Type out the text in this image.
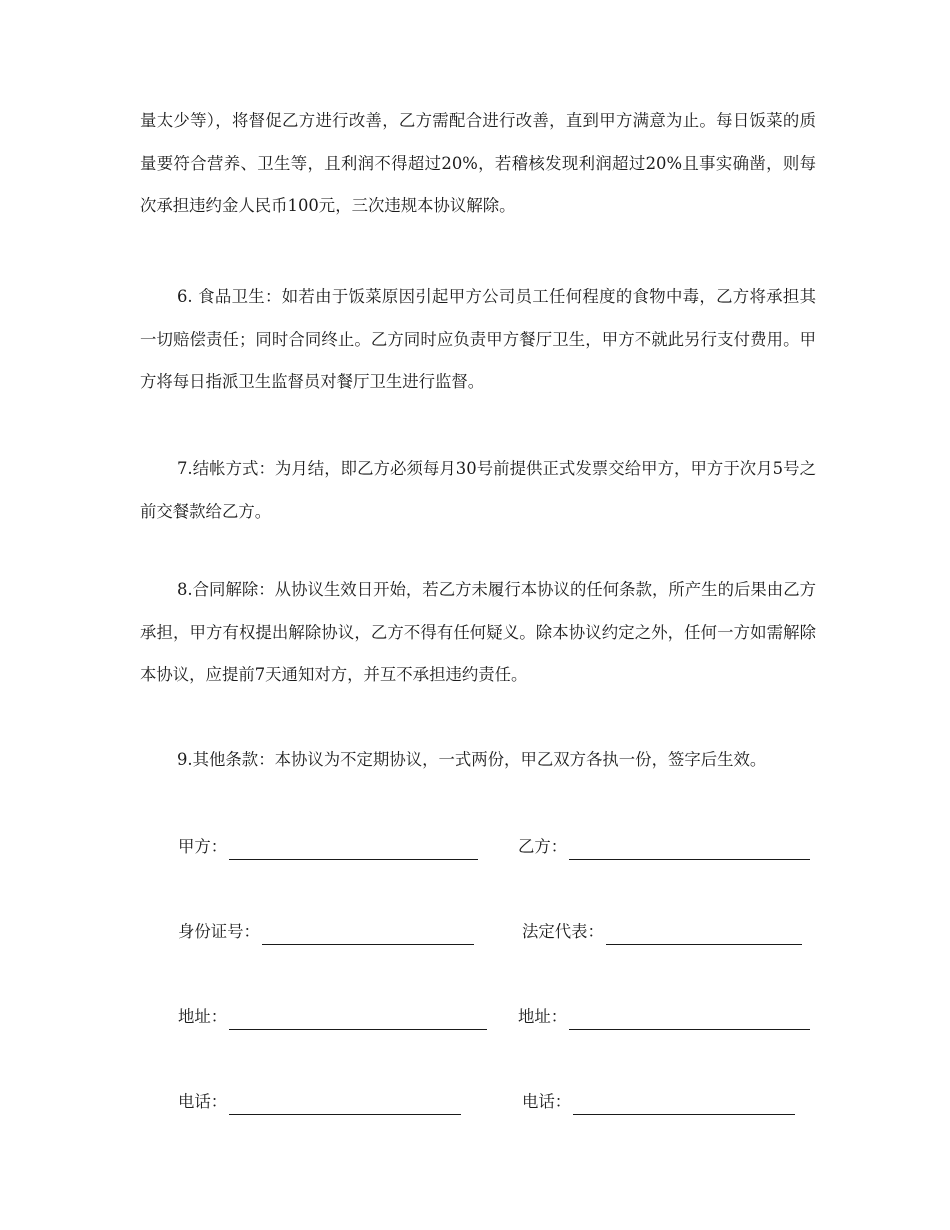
量太少等），将督促乙方进行改善，乙方需配合进行改善，直到甲方满意为止。每日饭菜的质量要符合营养、卫生等，且利润不得超过20%，若稽核发现利润超过20%且事实确凿，则每次承担违约金人民币100元，三次违规本协议解除。

6. 食品卫生：如若由于饭菜原因引起甲方公司员工任何程度的食物中毒，乙方将承担其一切赔偿责任；同时合同终止。乙方同时应负责甲方餐厅卫生，甲方不就此另行支付费用。甲方将每日指派卫生监督员对餐厅卫生进行监督。

7.结帐方式：为月结，即乙方必须每月30号前提供正式发票交给甲方，甲方于次月5号之前交餐款给乙方。

8.合同解除：从协议生效日开始，若乙方未履行本协议的任何条款，所产生的后果由乙方承担，甲方有权提出解除协议，乙方不得有任何疑义。除本协议约定之外，任何一方如需解除本协议，应提前7天通知对方，并互不承担违约责任。

9.其他条款：本协议为不定期协议，一式两份，甲乙双方各执一份，签字后生效。

甲方：	乙方：
身份证号：	法定代表：
地址：	地址：
电话：	电话：
